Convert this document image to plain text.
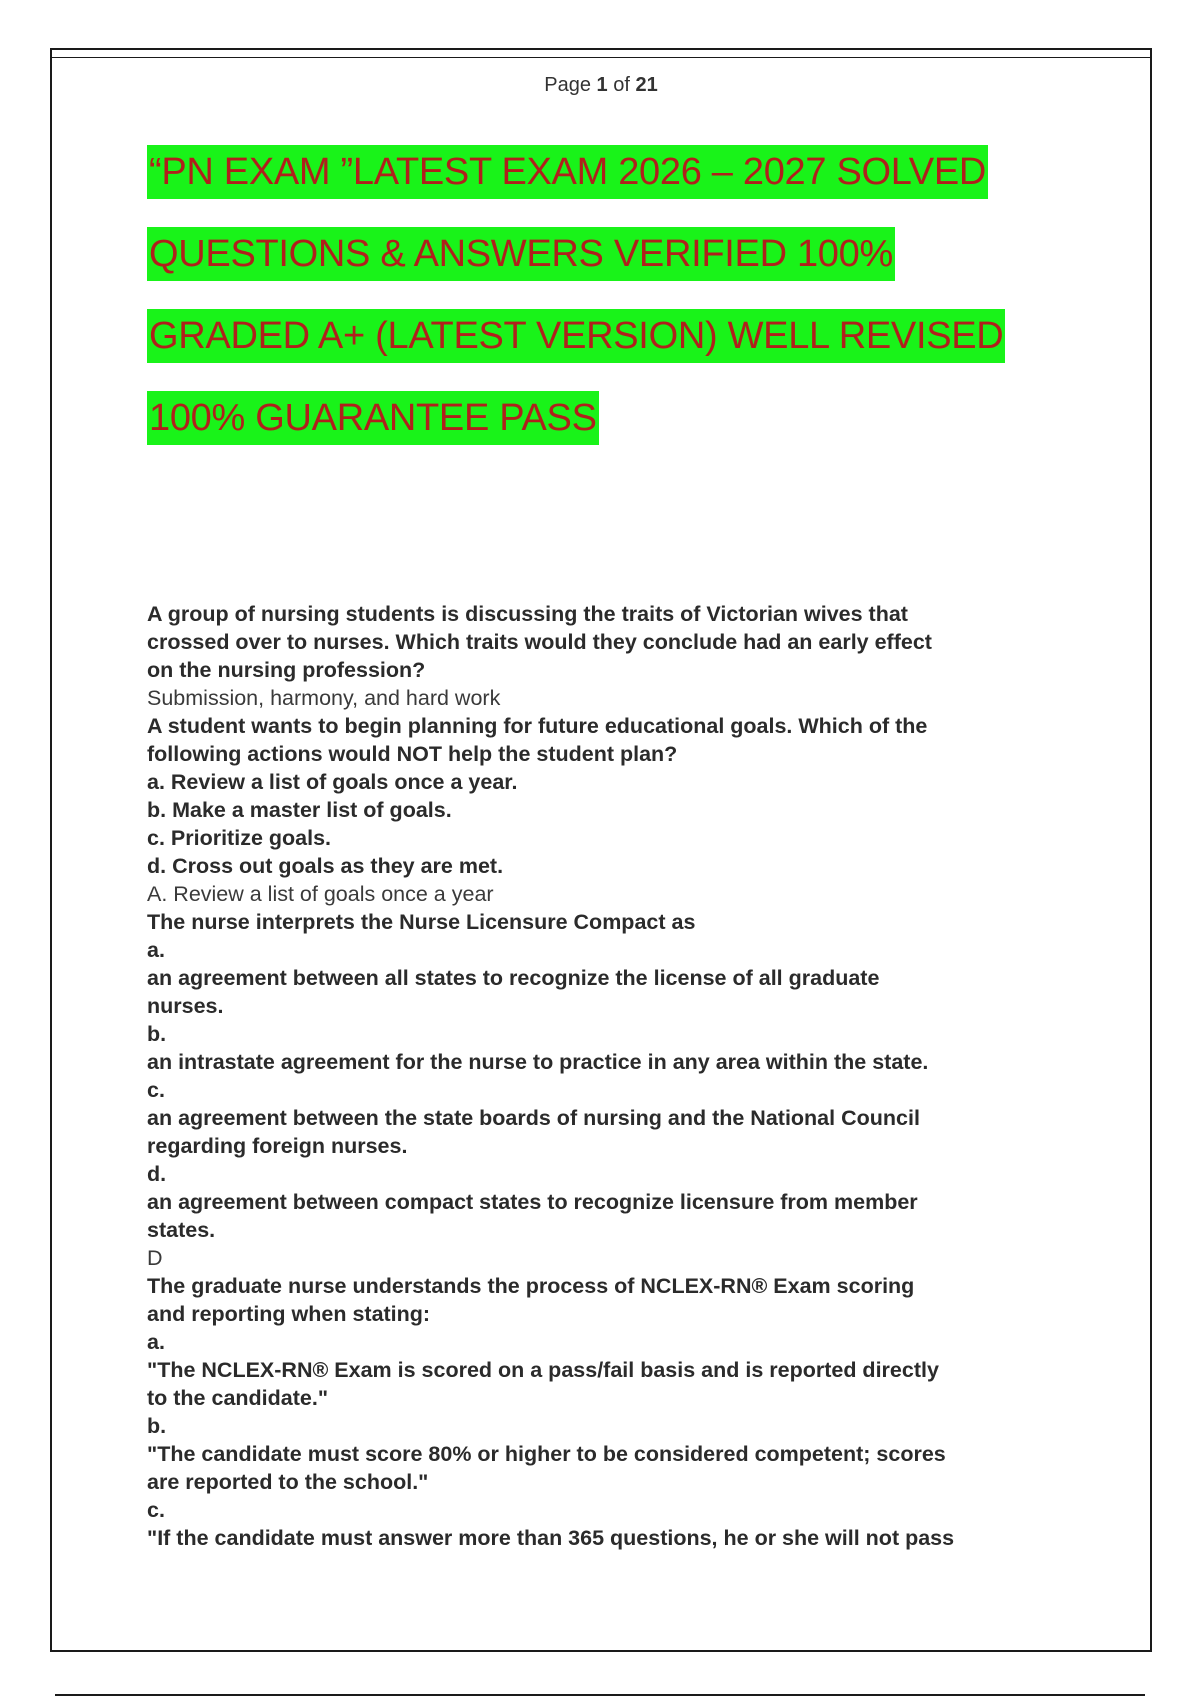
Page 1 of 21
“PN EXAM ”LATEST EXAM 2026 – 2027 SOLVED
QUESTIONS & ANSWERS VERIFIED 100%
GRADED A+ (LATEST VERSION) WELL REVISED
100% GUARANTEE PASS
A group of nursing students is discussing the traits of Victorian wives that
crossed over to nurses. Which traits would they conclude had an early effect
on the nursing profession?
Submission, harmony, and hard work
A student wants to begin planning for future educational goals. Which of the
following actions would NOT help the student plan?
a. Review a list of goals once a year.
b. Make a master list of goals.
c. Prioritize goals.
d. Cross out goals as they are met.
A. Review a list of goals once a year
The nurse interprets the Nurse Licensure Compact as
a.
an agreement between all states to recognize the license of all graduate
nurses.
b.
an intrastate agreement for the nurse to practice in any area within the state.
c.
an agreement between the state boards of nursing and the National Council
regarding foreign nurses.
d.
an agreement between compact states to recognize licensure from member
states.
D
The graduate nurse understands the process of NCLEX-RN® Exam scoring
and reporting when stating:
a.
"The NCLEX-RN® Exam is scored on a pass/fail basis and is reported directly
to the candidate."
b.
"The candidate must score 80% or higher to be considered competent; scores
are reported to the school."
c.
"If the candidate must answer more than 365 questions, he or she will not pass
